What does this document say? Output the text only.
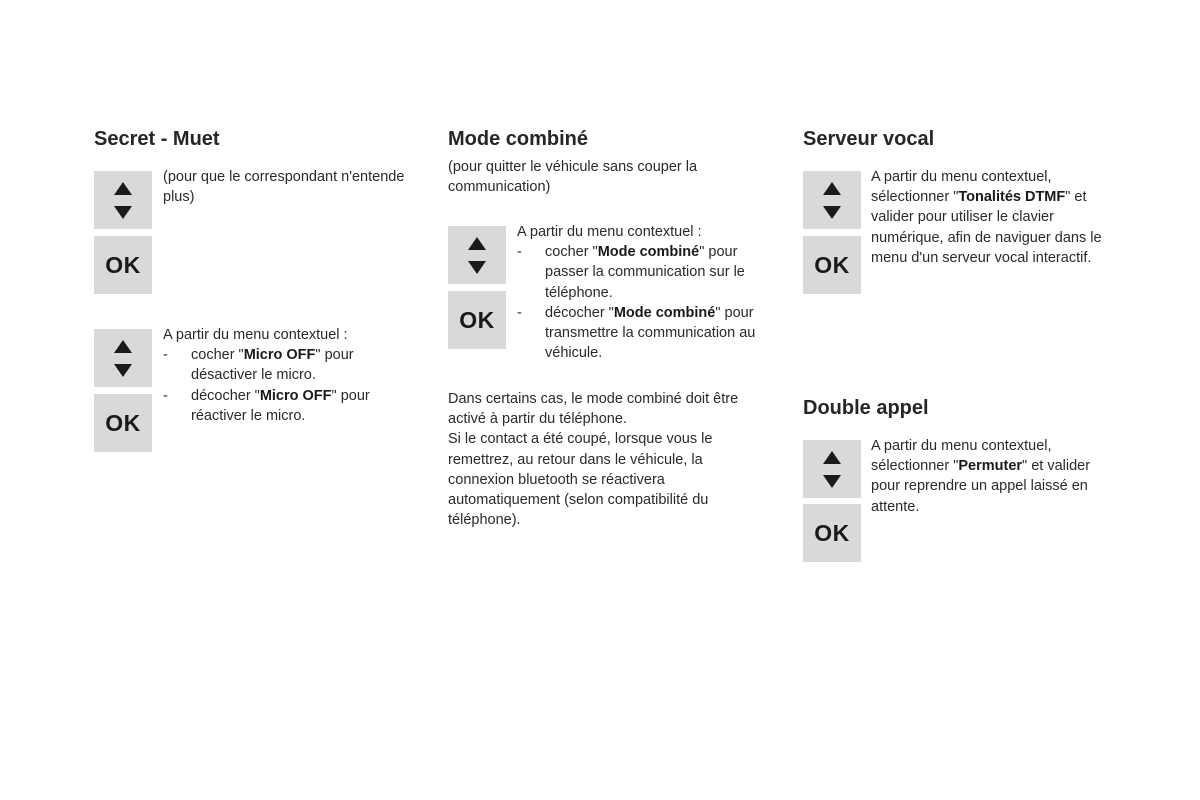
Secret - Muet
OK

(pour que le correspondant n'entende plus)

OK

A partir du menu contextuel :

- cocher "Micro OFF" pour désactiver le micro.
- décocher "Micro OFF" pour réactiver le micro.
Mode combiné

(pour quitter le véhicule sans couper la communication)

OK

A partir du menu contextuel :

- cocher "Mode combiné" pour passer la communication sur le téléphone.
- décocher "Mode combiné" pour transmettre la communication au véhicule.

Dans certains cas, le mode combiné doit être activé à partir du téléphone.

Si le contact a été coupé, lorsque vous le remettrez, au retour dans le véhicule, la connexion bluetooth se réactivera automatiquement (selon compatibilité du téléphone).

Serveur vocal
OK

A partir du menu contextuel, sélectionner "Tonalités DTMF" et valider pour utiliser le clavier numérique, afin de naviguer dans le menu d'un serveur vocal interactif.

Double appel
OK

A partir du menu contextuel, sélectionner "Permuter" et valider pour reprendre un appel laissé en attente.
